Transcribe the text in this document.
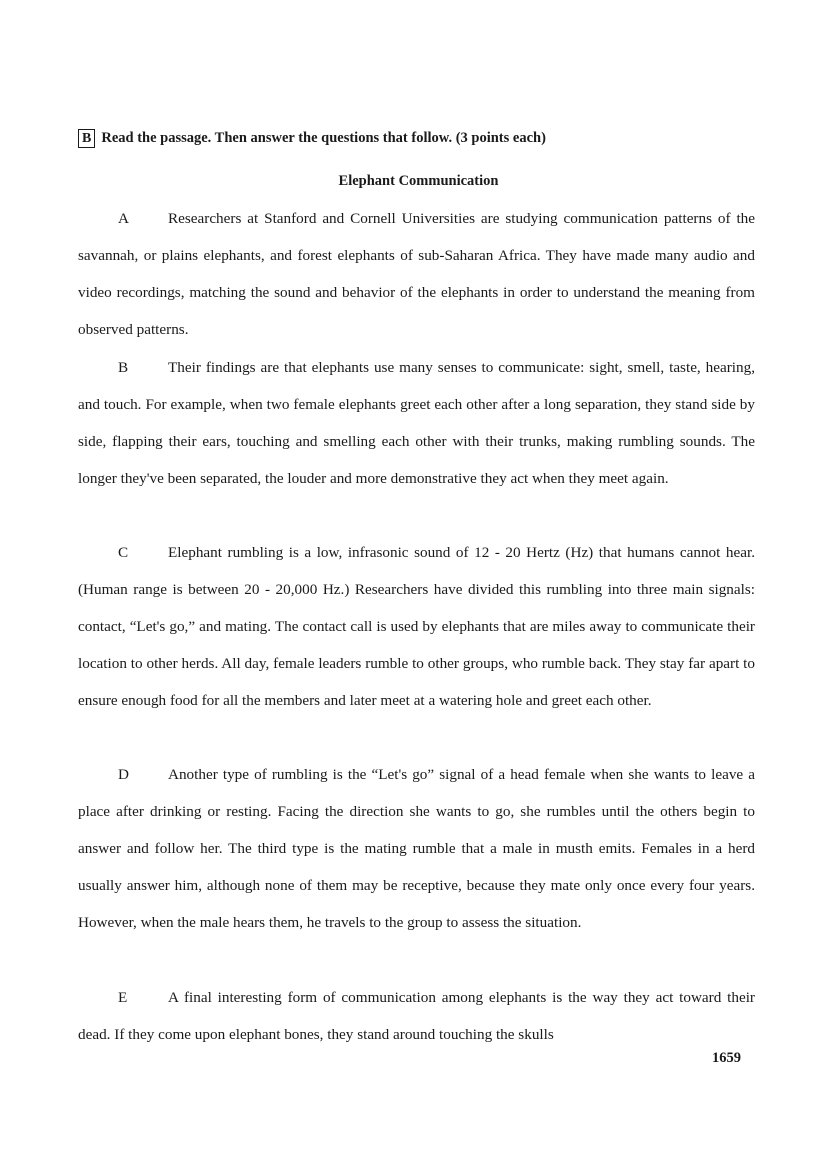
B Read the passage. Then answer the questions that follow. (3 points each)
Elephant Communication

A	Researchers at Stanford and Cornell Universities are studying communication patterns of the savannah, or plains elephants, and forest elephants of sub-Saharan Africa. They have made many audio and video recordings, matching the sound and behavior of the elephants in order to understand the meaning from observed patterns.

B	Their findings are that elephants use many senses to communicate: sight, smell, taste, hearing, and touch. For example, when two female elephants greet each other after a long separation, they stand side by side, flapping their ears, touching and smelling each other with their trunks, making rumbling sounds. The longer they've been separated, the louder and more demonstrative they act when they meet again.

C	Elephant rumbling is a low, infrasonic sound of 12 - 20 Hertz (Hz) that humans cannot hear. (Human range is between 20 - 20,000 Hz.) Researchers have divided this rumbling into three main signals: contact, “Let's go,” and mating. The contact call is used by elephants that are miles away to communicate their location to other herds. All day, female leaders rumble to other groups, who rumble back. They stay far apart to ensure enough food for all the members and later meet at a watering hole and greet each other.

D	Another type of rumbling is the “Let's go” signal of a head female when she wants to leave a place after drinking or resting. Facing the direction she wants to go, she rumbles until the others begin to answer and follow her. The third type is the mating rumble that a male in musth emits. Females in a herd usually answer him, although none of them may be receptive, because they mate only once every four years. However, when the male hears them, he travels to the group to assess the situation.

E	A final interesting form of communication among elephants is the way they act toward their dead. If they come upon elephant bones, they stand around touching the skulls

1659
